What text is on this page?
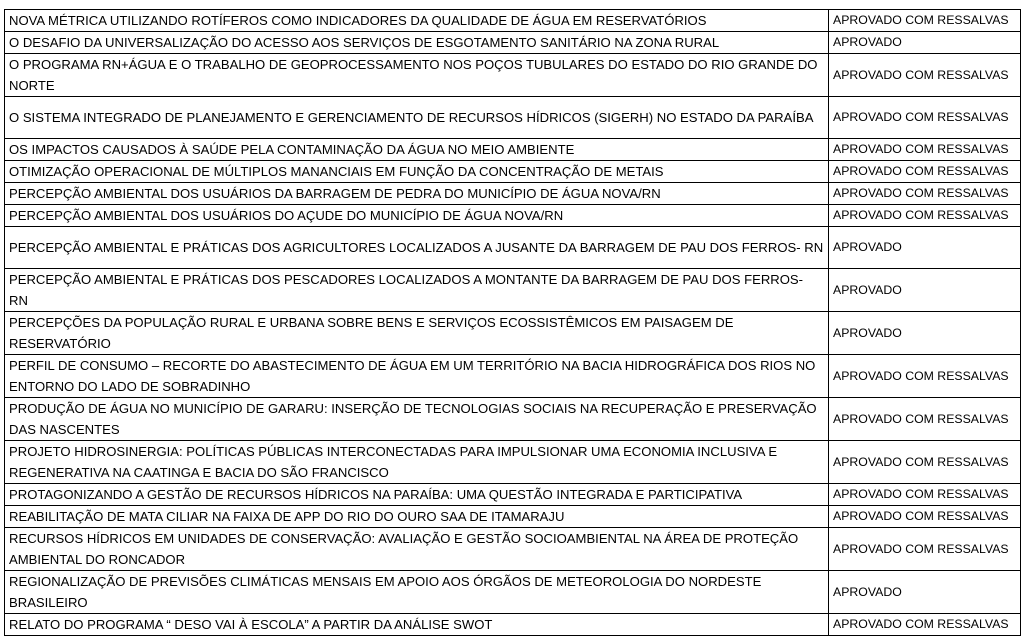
NOVA MÉTRICA UTILIZANDO ROTÍFEROS COMO INDICADORES DA QUALIDADE DE ÁGUA EM RESERVATÓRIOS	APROVADO COM RESSALVAS
O DESAFIO DA UNIVERSALIZAÇÃO DO ACESSO AOS SERVIÇOS DE ESGOTAMENTO SANITÁRIO NA ZONA RURAL	APROVADO
O PROGRAMA RN+ÁGUA E O TRABALHO DE GEOPROCESSAMENTO NOS POÇOS TUBULARES DO ESTADO DO RIO GRANDE DO NORTE	APROVADO COM RESSALVAS
O SISTEMA INTEGRADO DE PLANEJAMENTO E GERENCIAMENTO DE RECURSOS HÍDRICOS (SIGERH) NO ESTADO DA PARAÍBA	APROVADO COM RESSALVAS
OS IMPACTOS CAUSADOS À SAÚDE PELA CONTAMINAÇÃO DA ÁGUA NO MEIO AMBIENTE	APROVADO COM RESSALVAS
OTIMIZAÇÃO OPERACIONAL DE MÚLTIPLOS MANANCIAIS EM FUNÇÃO DA CONCENTRAÇÃO DE METAIS	APROVADO COM RESSALVAS
PERCEPÇÃO AMBIENTAL DOS USUÁRIOS DA BARRAGEM DE PEDRA DO MUNICÍPIO DE ÁGUA NOVA/RN	APROVADO COM RESSALVAS
PERCEPÇÃO AMBIENTAL DOS USUÁRIOS DO AÇUDE DO MUNICÍPIO DE ÁGUA NOVA/RN	APROVADO COM RESSALVAS
PERCEPÇÃO AMBIENTAL E PRÁTICAS DOS AGRICULTORES LOCALIZADOS A JUSANTE DA BARRAGEM DE PAU DOS FERROS- RN	APROVADO
PERCEPÇÃO AMBIENTAL E PRÁTICAS DOS PESCADORES LOCALIZADOS A MONTANTE DA BARRAGEM DE PAU DOS FERROS- RN	APROVADO
PERCEPÇÕES DA POPULAÇÃO RURAL E URBANA SOBRE BENS E SERVIÇOS ECOSSISTÊMICOS EM PAISAGEM DE RESERVATÓRIO	APROVADO
PERFIL DE CONSUMO – RECORTE DO ABASTECIMENTO DE ÁGUA EM UM TERRITÓRIO NA BACIA HIDROGRÁFICA DOS RIOS NO ENTORNO DO LADO DE SOBRADINHO	APROVADO COM RESSALVAS
PRODUÇÃO DE ÁGUA NO MUNICÍPIO DE GARARU: INSERÇÃO DE TECNOLOGIAS SOCIAIS NA RECUPERAÇÃO E PRESERVAÇÃO DAS NASCENTES	APROVADO COM RESSALVAS
PROJETO HIDROSINERGIA: POLÍTICAS PÚBLICAS INTERCONECTADAS PARA IMPULSIONAR UMA ECONOMIA INCLUSIVA E REGENERATIVA NA CAATINGA E BACIA DO SÃO FRANCISCO	APROVADO COM RESSALVAS
PROTAGONIZANDO A GESTÃO DE RECURSOS HÍDRICOS NA PARAÍBA: UMA QUESTÃO INTEGRADA E PARTICIPATIVA	APROVADO COM RESSALVAS
REABILITAÇÃO DE MATA CILIAR NA FAIXA DE APP DO RIO DO OURO SAA DE ITAMARAJU	APROVADO COM RESSALVAS
RECURSOS HÍDRICOS EM UNIDADES DE CONSERVAÇÃO: AVALIAÇÃO E GESTÃO SOCIOAMBIENTAL NA ÁREA DE PROTEÇÃO AMBIENTAL DO RONCADOR	APROVADO COM RESSALVAS
REGIONALIZAÇÃO DE PREVISÕES CLIMÁTICAS MENSAIS EM APOIO AOS ÓRGÃOS DE METEOROLOGIA DO NORDESTE BRASILEIRO	APROVADO
RELATO DO PROGRAMA “ DESO VAI À ESCOLA” A PARTIR DA ANÁLISE SWOT	APROVADO COM RESSALVAS
